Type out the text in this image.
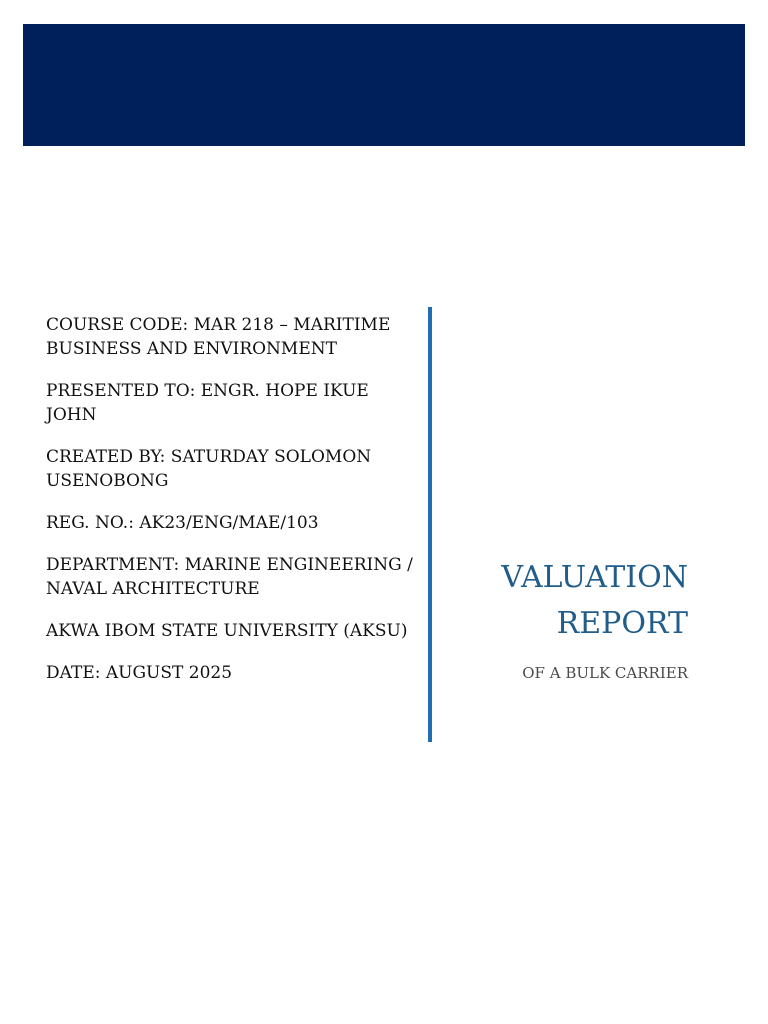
COURSE CODE: MAR 218 – MARITIME BUSINESS AND ENVIRONMENT

PRESENTED TO: ENGR. HOPE IKUE JOHN

CREATED BY: SATURDAY SOLOMON USENOBONG

REG. NO.: AK23/ENG/MAE/103

DEPARTMENT: MARINE ENGINEERING / NAVAL ARCHITECTURE

AKWA IBOM STATE UNIVERSITY (AKSU)

DATE: AUGUST 2025

VALUATION
REPORT
OF A BULK CARRIER
